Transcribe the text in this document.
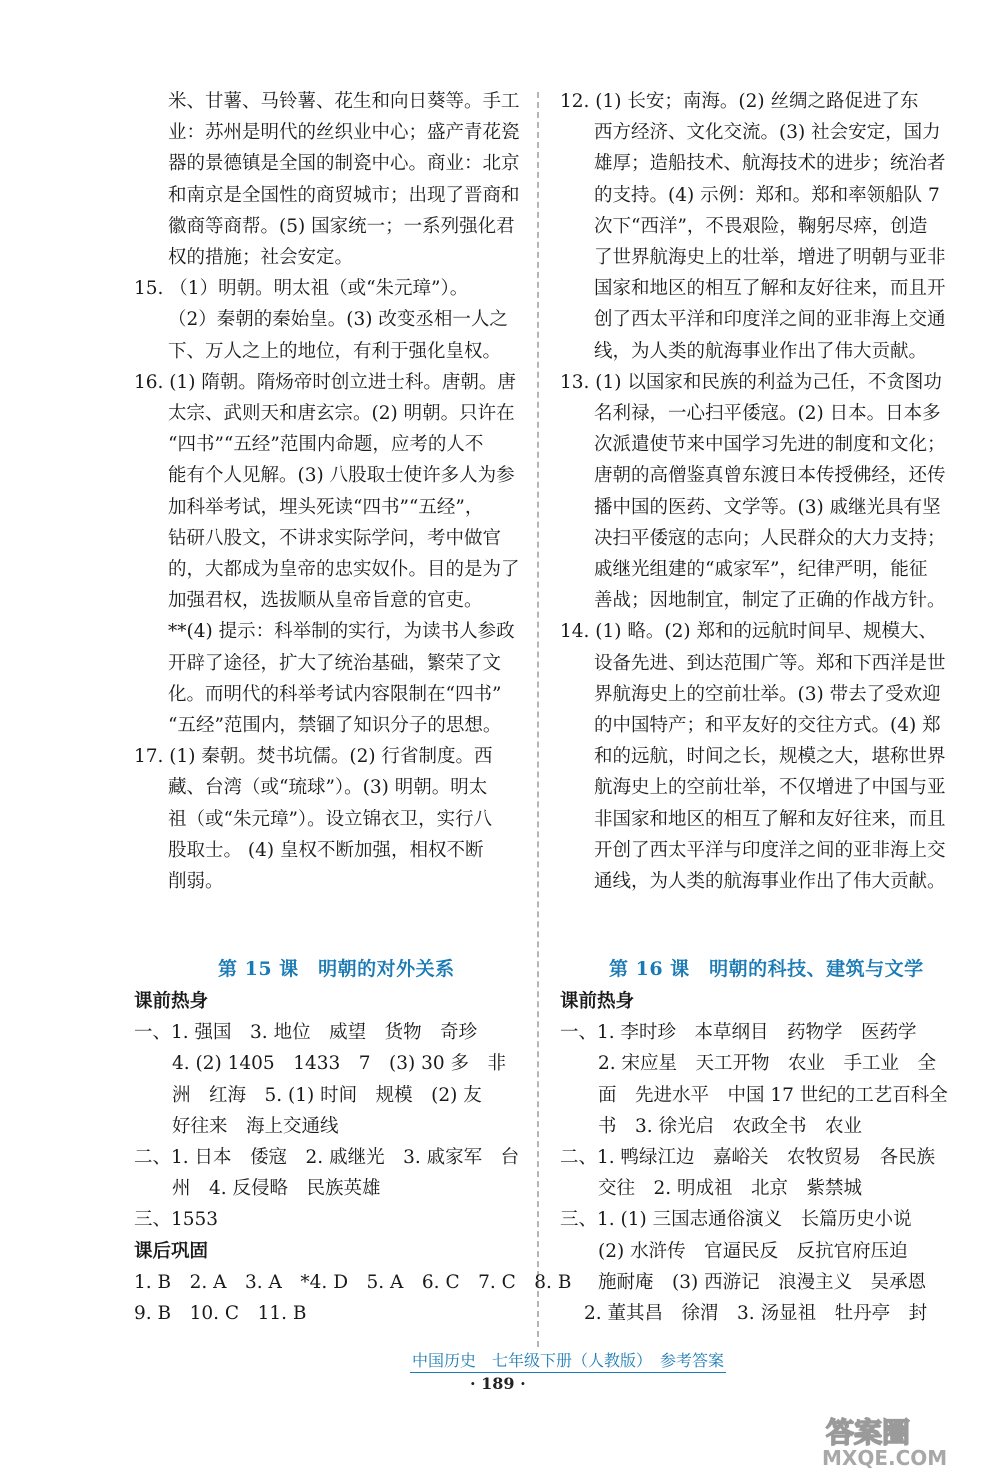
米、甘薯、马铃薯、花生和向日葵等。手工
业：苏州是明代的丝织业中心；盛产青花瓷
器的景德镇是全国的制瓷中心。商业：北京
和南京是全国性的商贸城市；出现了晋商和
徽商等商帮。(5) 国家统一；一系列强化君
权的措施；社会安定。
15. （1）明朝。明太祖（或“朱元璋”）。
（2）秦朝的秦始皇。(3) 改变丞相一人之
下、万人之上的地位，有利于强化皇权。
16. (1) 隋朝。隋炀帝时创立进士科。唐朝。唐
太宗、武则天和唐玄宗。(2) 明朝。只许在
“四书”“五经”范围内命题，应考的人不
能有个人见解。(3) 八股取士使许多人为参
加科举考试，埋头死读“四书”“五经”，
钻研八股文，不讲求实际学问，考中做官
的，大都成为皇帝的忠实奴仆。目的是为了
加强君权，选拔顺从皇帝旨意的官吏。
**(4) 提示：科举制的实行，为读书人参政
开辟了途径，扩大了统治基础，繁荣了文
化。而明代的科举考试内容限制在“四书”
“五经”范围内，禁锢了知识分子的思想。
17. (1) 秦朝。焚书坑儒。(2) 行省制度。西
藏、台湾（或“琉球”）。(3) 明朝。明太
祖（或“朱元璋”）。设立锦衣卫，实行八
股取士。 (4) 皇权不断加强，相权不断
削弱。
12. (1) 长安；南海。(2) 丝绸之路促进了东
西方经济、文化交流。(3) 社会安定，国力
雄厚；造船技术、航海技术的进步；统治者
的支持。(4) 示例：郑和。郑和率领船队 7
次下“西洋”，不畏艰险，鞠躬尽瘁，创造
了世界航海史上的壮举，增进了明朝与亚非
国家和地区的相互了解和友好往来，而且开
创了西太平洋和印度洋之间的亚非海上交通
线，为人类的航海事业作出了伟大贡献。
13. (1) 以国家和民族的利益为己任，不贪图功
名利禄，一心扫平倭寇。(2) 日本。日本多
次派遣使节来中国学习先进的制度和文化；
唐朝的高僧鉴真曾东渡日本传授佛经，还传
播中国的医药、文学等。(3) 戚继光具有坚
决扫平倭寇的志向；人民群众的大力支持；
戚继光组建的“戚家军”，纪律严明，能征
善战；因地制宜，制定了正确的作战方针。
14. (1) 略。(2) 郑和的远航时间早、规模大、
设备先进、到达范围广等。郑和下西洋是世
界航海史上的空前壮举。(3) 带去了受欢迎
的中国特产；和平友好的交往方式。(4) 郑
和的远航，时间之长，规模之大，堪称世界
航海史上的空前壮举，不仅增进了中国与亚
非国家和地区的相互了解和友好往来，而且
开创了西太平洋与印度洋之间的亚非海上交
通线，为人类的航海事业作出了伟大贡献。
第 15 课　明朝的对外关系
课前热身
一、1. 强国　3. 地位　威望　货物　奇珍
4. (2) 1405　1433　7　(3) 30 多　非
洲　红海　5. (1) 时间　规模　(2) 友
好往来　海上交通线
二、1. 日本　倭寇　2. 戚继光　3. 戚家军　台
州　4. 反侵略　民族英雄
三、1553
课后巩固
1. B　2. A　3. A　*4. D　5. A　6. C　7. C　8. B
9. B　10. C　11. B
第 16 课　明朝的科技、建筑与文学
课前热身
一、1. 李时珍　本草纲目　药物学　医药学
2. 宋应星　天工开物　农业　手工业　全
面　先进水平　中国 17 世纪的工艺百科全
书　3. 徐光启　农政全书　农业
二、1. 鸭绿江边　嘉峪关　农牧贸易　各民族
交往　2. 明成祖　北京　紫禁城
三、1. (1) 三国志通俗演义　长篇历史小说
(2) 水浒传　官逼民反　反抗官府压迫
施耐庵　(3) 西游记　浪漫主义　吴承恩
2. 董其昌　徐渭　3. 汤显祖　牡丹亭　封
中国历史　七年级下册（人教版）　参考答案
· 189 ·
答案圈
MXQE.COM
